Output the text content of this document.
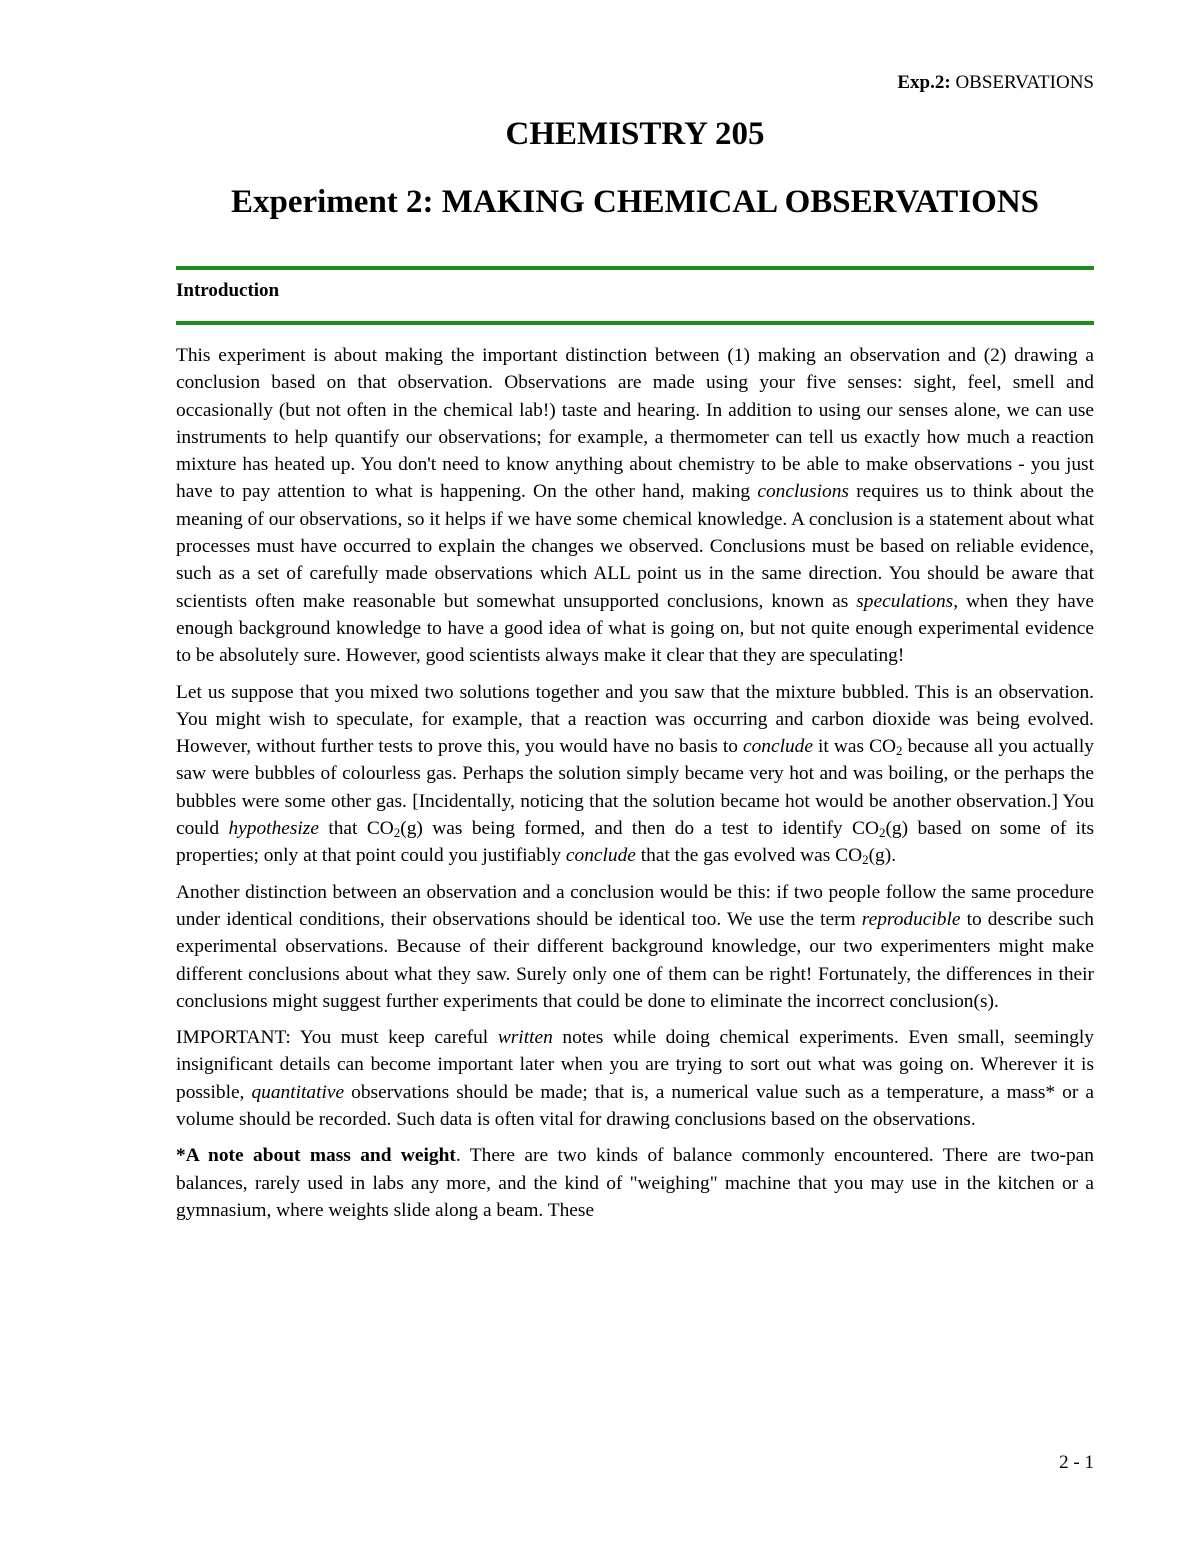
Exp.2: OBSERVATIONS
CHEMISTRY 205
Experiment 2: MAKING CHEMICAL OBSERVATIONS
Introduction

This experiment is about making the important distinction between (1) making an observation and (2) drawing a conclusion based on that observation. Observations are made using your five senses: sight, feel, smell and occasionally (but not often in the chemical lab!) taste and hearing. In addition to using our senses alone, we can use instruments to help quantify our observations; for example, a thermometer can tell us exactly how much a reaction mixture has heated up. You don't need to know anything about chemistry to be able to make observations - you just have to pay attention to what is happening. On the other hand, making conclusions requires us to think about the meaning of our observations, so it helps if we have some chemical knowledge. A conclusion is a statement about what processes must have occurred to explain the changes we observed. Conclusions must be based on reliable evidence, such as a set of carefully made observations which ALL point us in the same direction. You should be aware that scientists often make reasonable but somewhat unsupported conclusions, known as speculations, when they have enough background knowledge to have a good idea of what is going on, but not quite enough experimental evidence to be absolutely sure. However, good scientists always make it clear that they are speculating!

Let us suppose that you mixed two solutions together and you saw that the mixture bubbled. This is an observation. You might wish to speculate, for example, that a reaction was occurring and carbon dioxide was being evolved. However, without further tests to prove this, you would have no basis to conclude it was $CO_2$ because all you actually saw were bubbles of colourless gas. Perhaps the solution simply became very hot and was boiling, or the perhaps the bubbles were some other gas. [Incidentally, noticing that the solution became hot would be another observation.] You could hypothesize that $CO_2(g)$ was being formed, and then do a test to identify $CO_2(g)$ based on some of its properties; only at that point could you justifiably conclude that the gas evolved was $CO_2(g)$.

Another distinction between an observation and a conclusion would be this: if two people follow the same procedure under identical conditions, their observations should be identical too. We use the term reproducible to describe such experimental observations. Because of their different background knowledge, our two experimenters might make different conclusions about what they saw. Surely only one of them can be right! Fortunately, the differences in their conclusions might suggest further experiments that could be done to eliminate the incorrect conclusion(s).

IMPORTANT: You must keep careful written notes while doing chemical experiments. Even small, seemingly insignificant details can become important later when you are trying to sort out what was going on. Wherever it is possible, quantitative observations should be made; that is, a numerical value such as a temperature, a mass* or a volume should be recorded. Such data is often vital for drawing conclusions based on the observations.

*A note about mass and weight. There are two kinds of balance commonly encountered. There are two-pan balances, rarely used in labs any more, and the kind of "weighing" machine that you may use in the kitchen or a gymnasium, where weights slide along a beam. These

2 - 1
